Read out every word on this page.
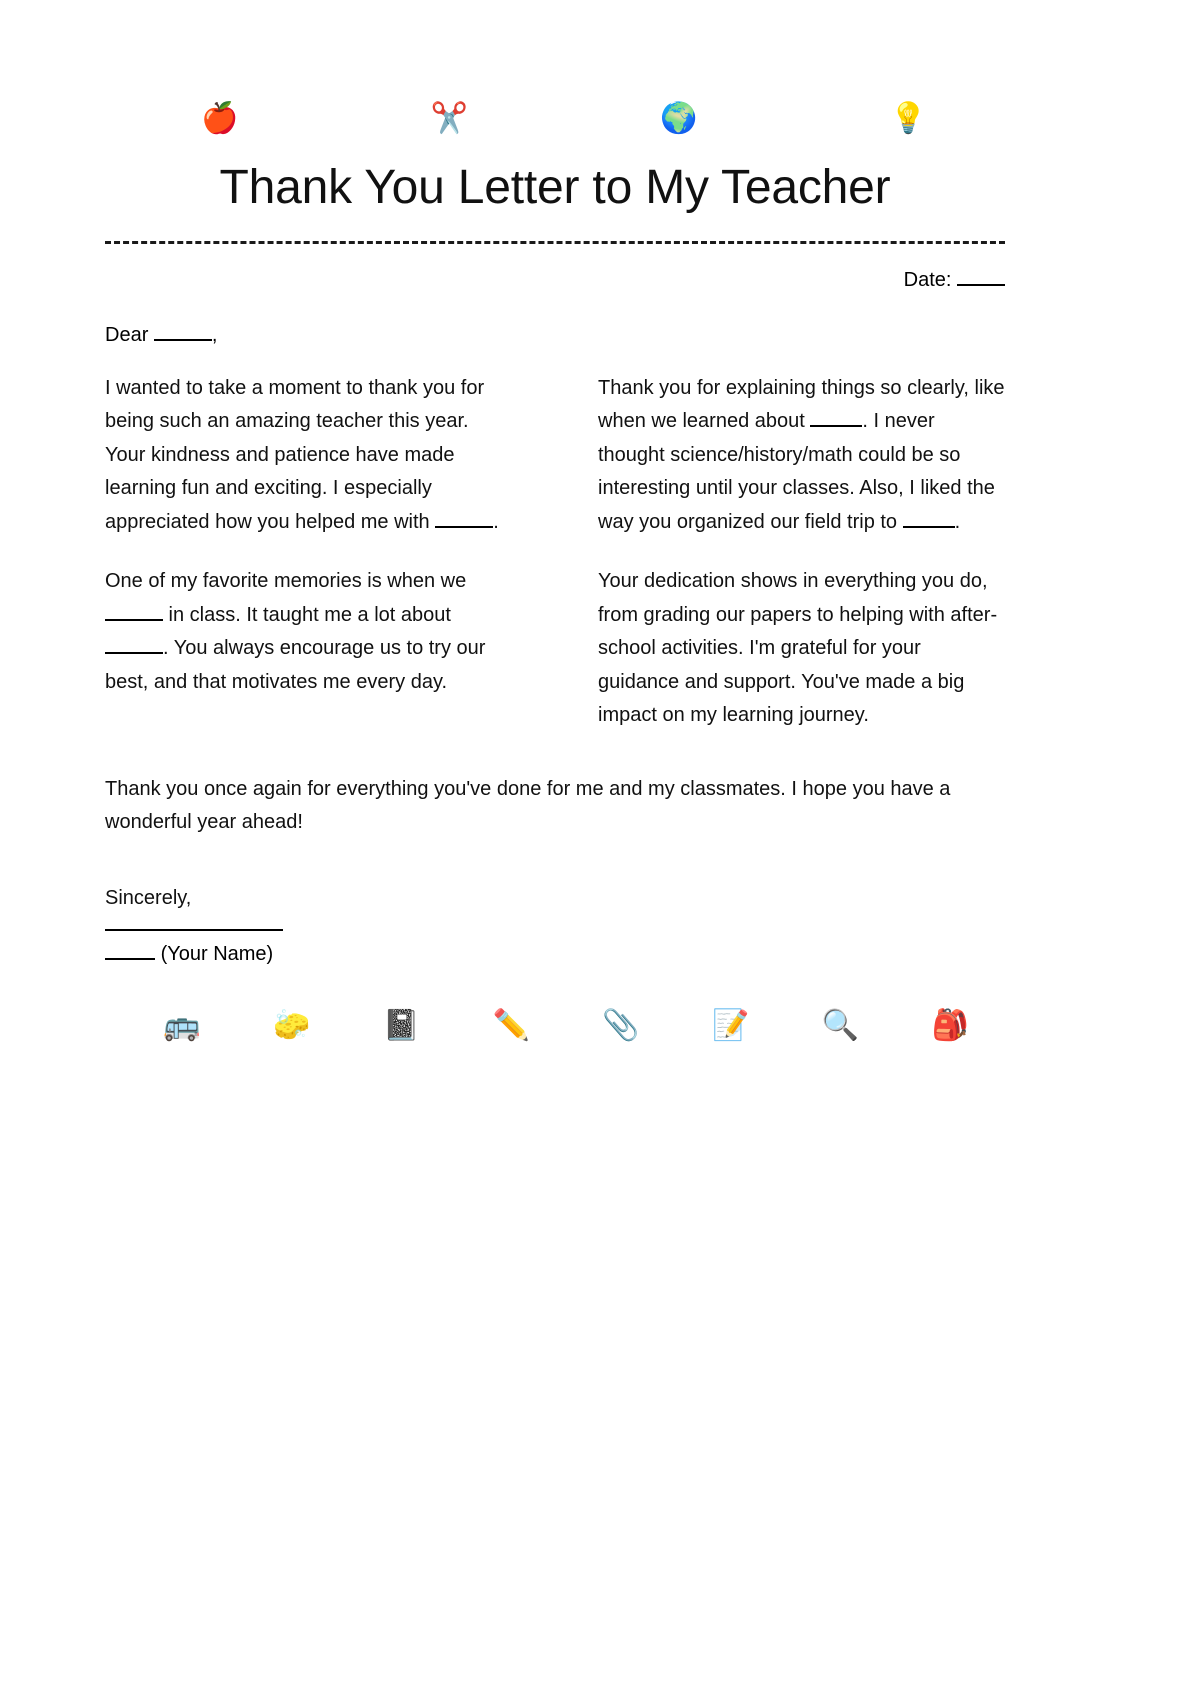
🍎	✂️	🌍	💡
Thank You Letter to My Teacher
Date:
Dear	,

I wanted to take a moment to thank you for being such an amazing teacher this year. Your kindness and patience have made learning fun and exciting. I especially appreciated how you helped me with	.

One of my favorite memories is when we  in class. It taught me a lot about . You always encourage us to try our best, and that motivates me every day.

Thank you for explaining things so clearly, like when we learned about	. I never thought science/history/math could be so interesting until your classes. Also, I liked the way you organized our field trip to	.

Your dedication shows in everything you do, from grading our papers to helping with after-school activities. I'm grateful for your guidance and support. You've made a big impact on my learning journey.

Thank you once again for everything you've done for me and my classmates. I hope you have a wonderful year ahead!

Sincerely,

(Your Name)
🚌	🧽	📓	✏️	📎	📝	🔍	🎒
